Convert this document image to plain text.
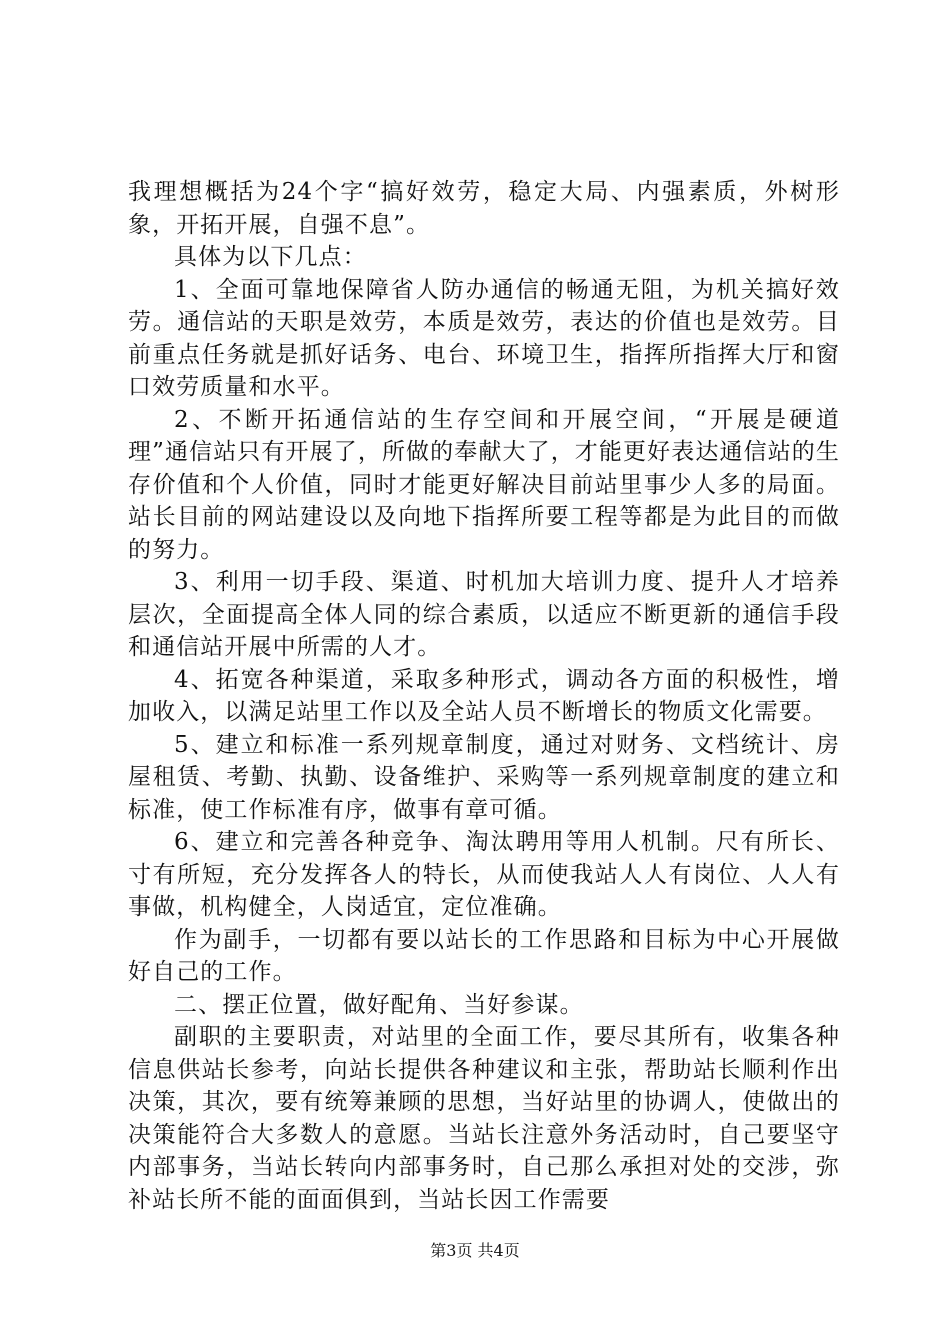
我理想概括为24个字“搞好效劳，稳定大局、内强素质，外树形象，开拓开展，自强不息”。

具体为以下几点：

1、全面可靠地保障省人防办通信的畅通无阻，为机关搞好效劳。通信站的天职是效劳，本质是效劳，表达的价值也是效劳。目前重点任务就是抓好话务、电台、环境卫生，指挥所指挥大厅和窗口效劳质量和水平。

2、不断开拓通信站的生存空间和开展空间，“开展是硬道理”通信站只有开展了，所做的奉献大了，才能更好表达通信站的生存价值和个人价值，同时才能更好解决目前站里事少人多的局面。站长目前的网站建设以及向地下指挥所要工程等都是为此目的而做的努力。

3、利用一切手段、渠道、时机加大培训力度、提升人才培养层次，全面提高全体人同的综合素质，以适应不断更新的通信手段和通信站开展中所需的人才。

4、拓宽各种渠道，采取多种形式，调动各方面的积极性，增加收入，以满足站里工作以及全站人员不断增长的物质文化需要。

5、建立和标准一系列规章制度，通过对财务、文档统计、房屋租赁、考勤、执勤、设备维护、采购等一系列规章制度的建立和标准，使工作标准有序，做事有章可循。

6、建立和完善各种竞争、淘汰聘用等用人机制。尺有所长、寸有所短，充分发挥各人的特长，从而使我站人人有岗位、人人有事做，机构健全，人岗适宜，定位准确。

作为副手，一切都有要以站长的工作思路和目标为中心开展做好自己的工作。

二、摆正位置，做好配角、当好参谋。

副职的主要职责，对站里的全面工作，要尽其所有，收集各种信息供站长参考，向站长提供各种建议和主张，帮助站长顺利作出决策，其次，要有统筹兼顾的思想，当好站里的协调人，使做出的决策能符合大多数人的意愿。当站长注意外务活动时，自己要坚守内部事务，当站长转向内部事务时，自己那么承担对处的交涉，弥补站长所不能的面面俱到，当站长因工作需要

第3页 共4页
